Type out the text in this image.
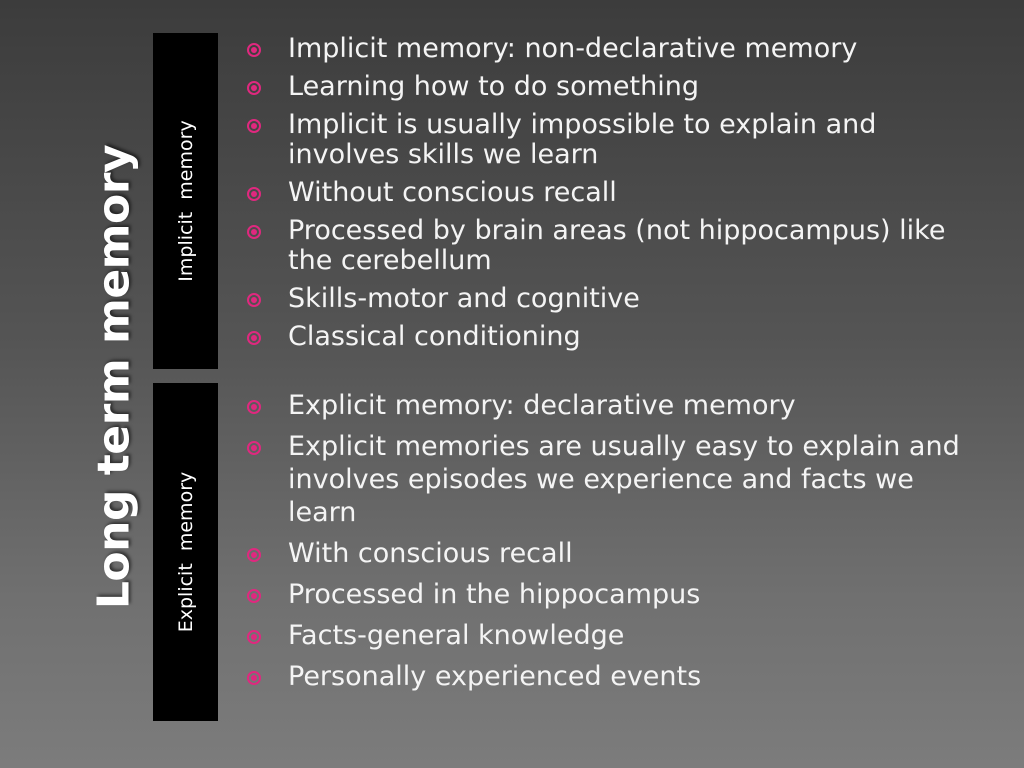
Long term memory Implicit  memory
Explicit  memory
Implicit memory: non-declarative memory
Learning how to do something
Implicit is usually impossible to explain and involves skills we learn
Without conscious recall
Processed by brain areas (not hippocampus) like the cerebellum
Skills-motor and cognitive
Classical conditioning
Explicit memory: declarative memory
Explicit memories are usually easy to explain and involves episodes we experience and facts we learn
With conscious recall
Processed in the hippocampus
Facts-general knowledge
Personally experienced events
